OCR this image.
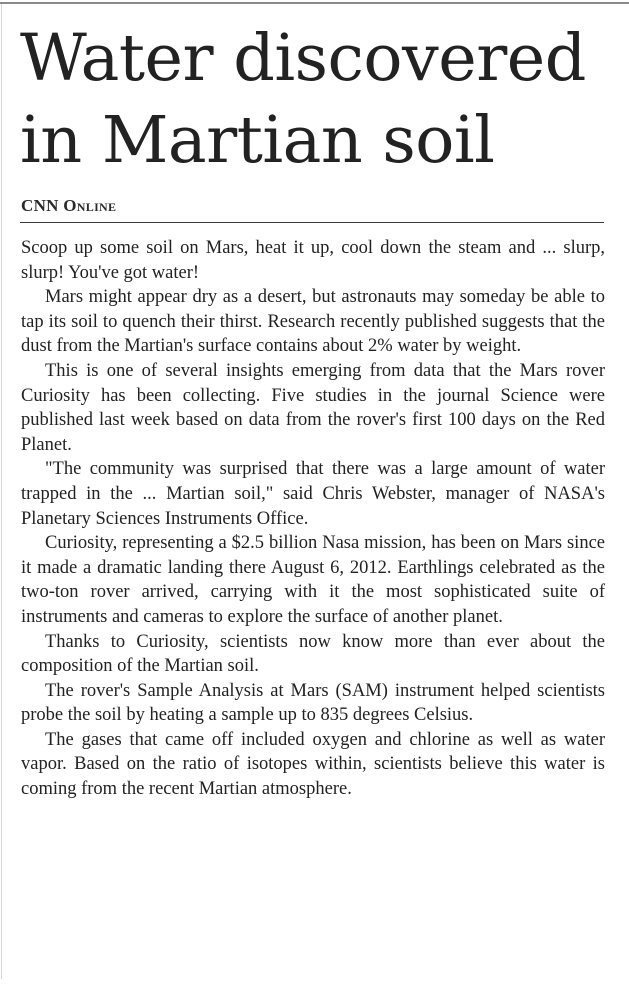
Water discovered
in Martian soil
CNN Online

Scoop up some soil on Mars, heat it up, cool down the steam and ... slurp, slurp! You've got water!

Mars might appear dry as a desert, but astronauts may someday be able to tap its soil to quench their thirst. Research recently published suggests that the dust from the Martian's surface contains about 2% water by weight.

This is one of several insights emerging from data that the Mars rover Curiosity has been collecting. Five studies in the journal Science were published last week based on data from the rover's first 100 days on the Red Planet.

"The community was surprised that there was a large amount of water trapped in the ... Martian soil," said Chris Webster, manager of NASA's Planetary Sciences Instruments Office.

Curiosity, representing a $2.5 billion Nasa mission, has been on Mars since it made a dramatic landing there August 6, 2012. Earthlings celebrated as the two-ton rover arrived, carrying with it the most sophisticated suite of instruments and cameras to explore the surface of another planet.

Thanks to Curiosity, scientists now know more than ever about the composition of the Martian soil.

The rover's Sample Analysis at Mars (SAM) instrument helped scientists probe the soil by heating a sample up to 835 degrees Celsius.

The gases that came off included oxygen and chlorine as well as water vapor. Based on the ratio of isotopes within, scientists believe this water is coming from the recent Martian atmosphere.
